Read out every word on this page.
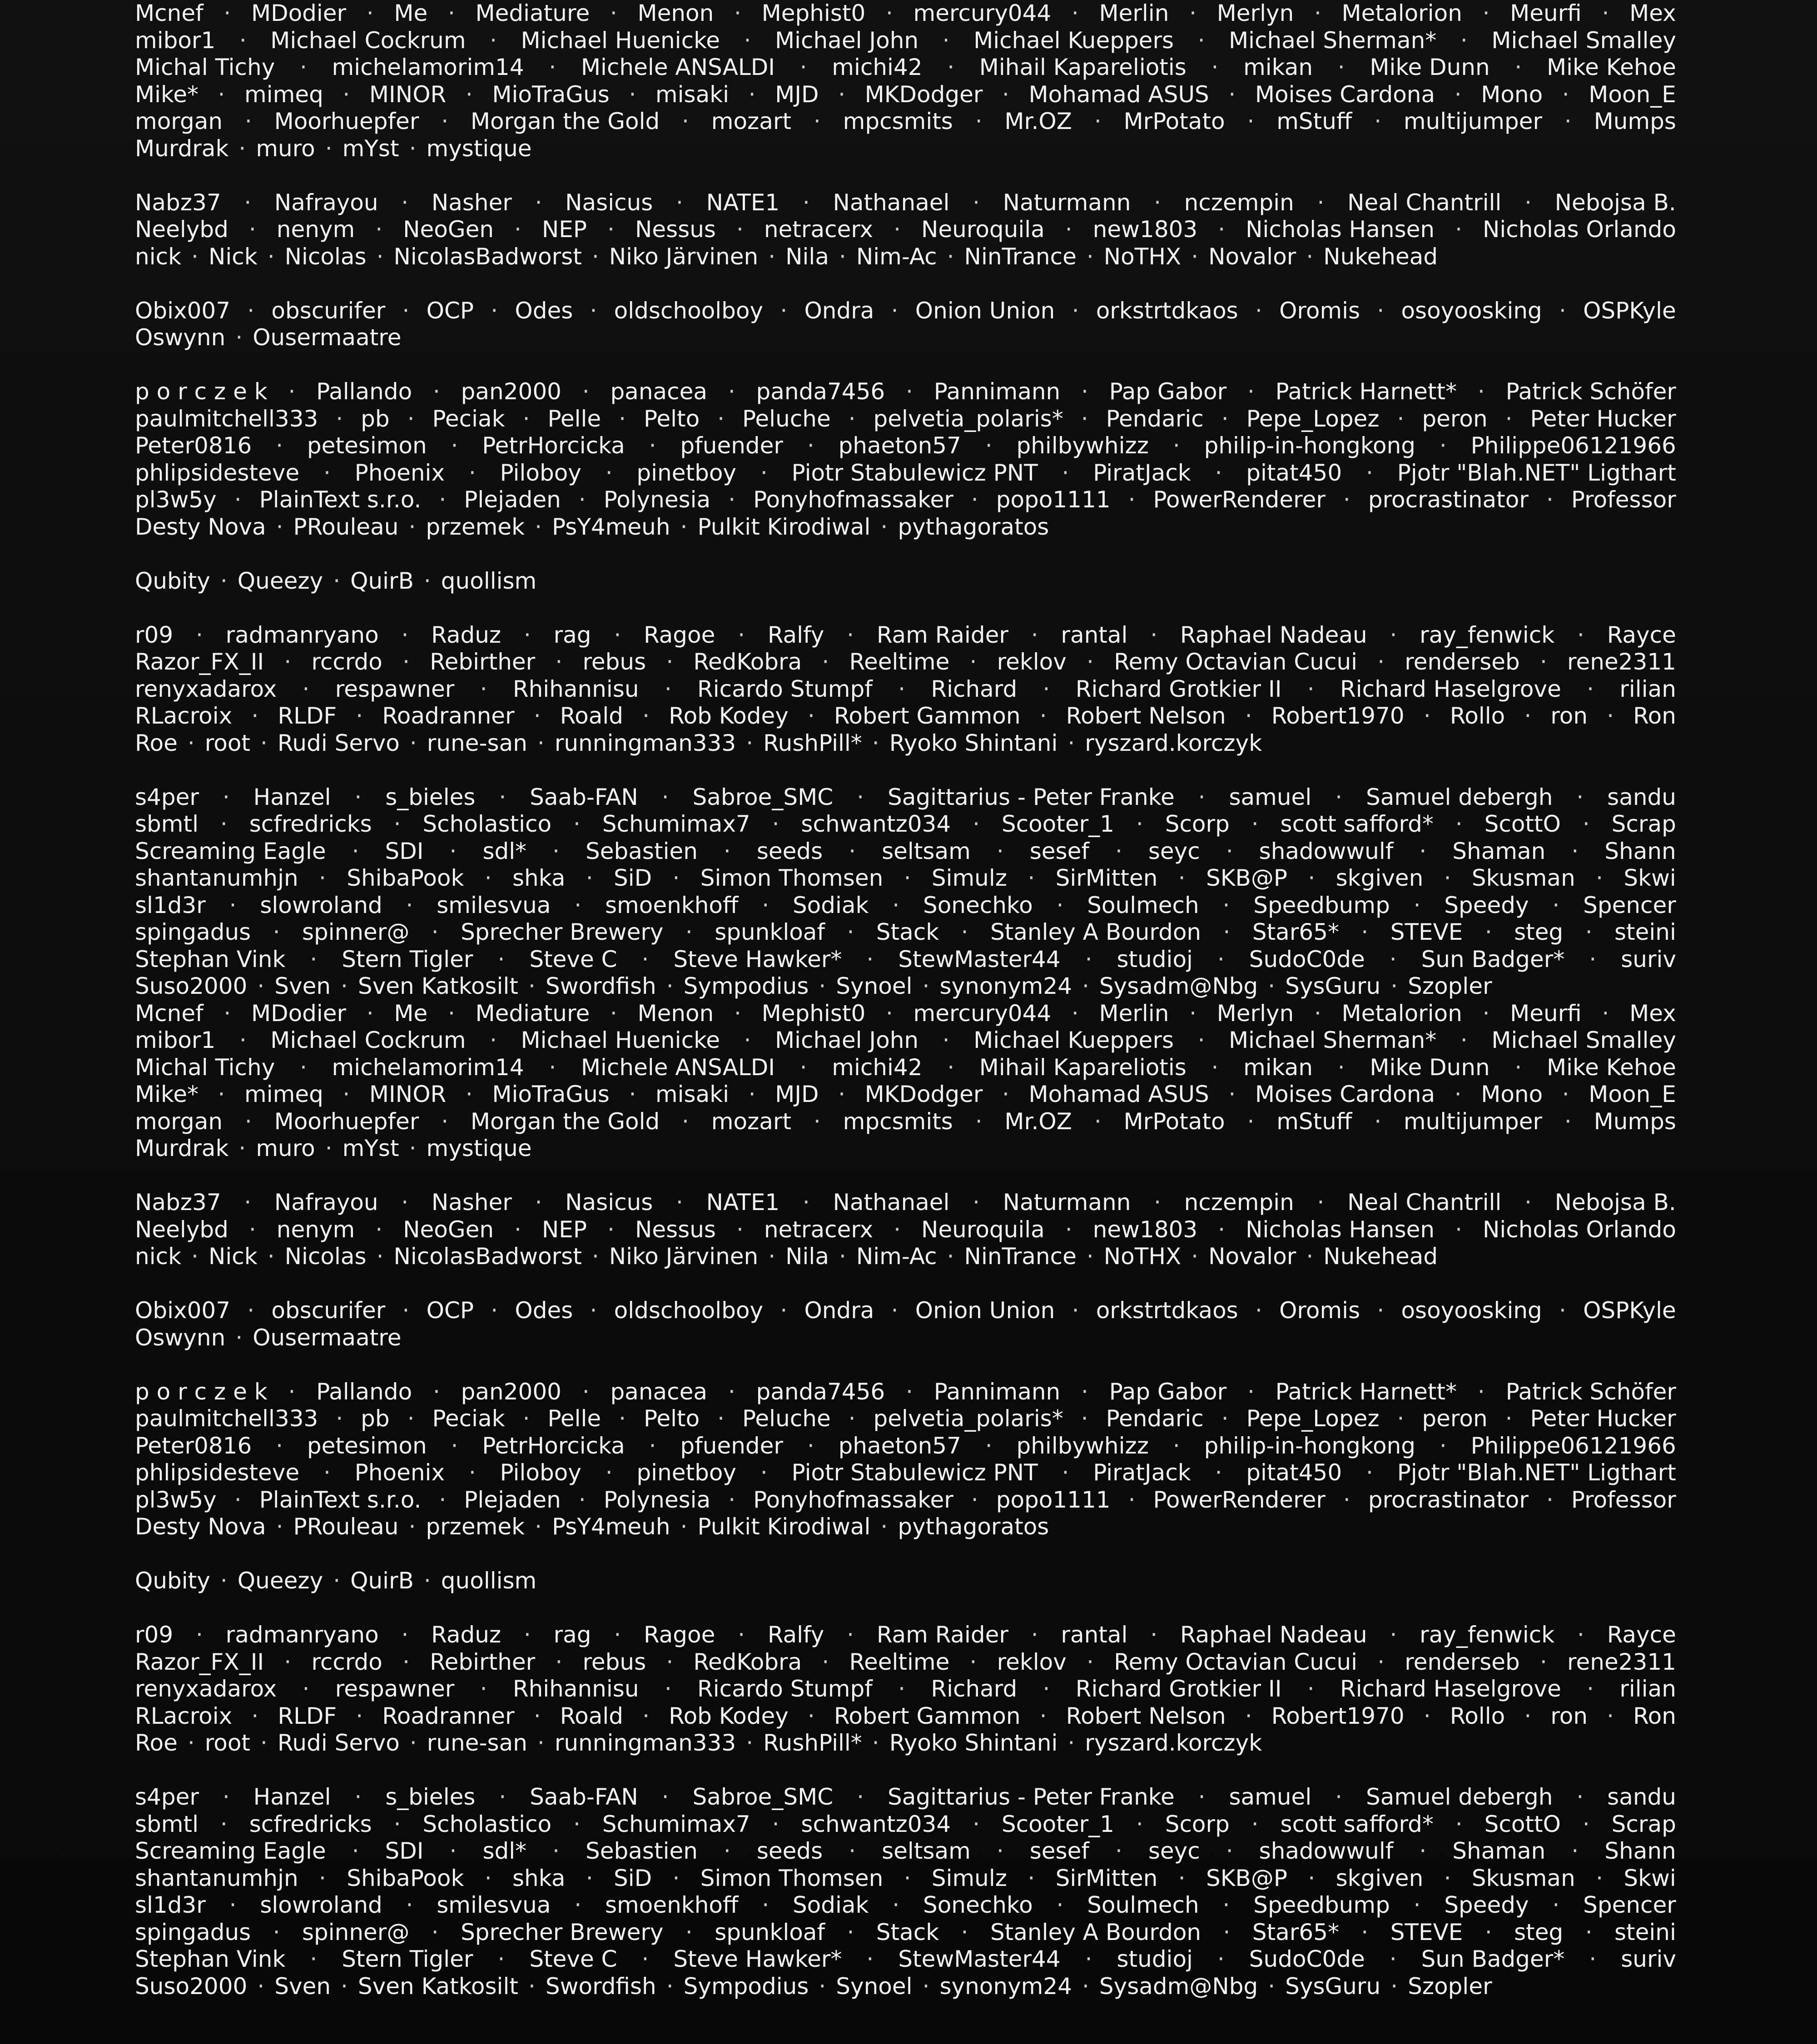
Mcnef · MDodier · Me · Mediature · Menon · Mephist0 · mercury044 · Merlin · Merlyn · Metalorion · Meurfi · Mex
mibor1 · Michael Cockrum · Michael Huenicke · Michael John · Michael Kueppers · Michael Sherman* · Michael Smalley
Michal Tichy · michelamorim14 · Michele ANSALDI · michi42 · Mihail Kapareliotis · mikan · Mike Dunn · Mike Kehoe
Mike* · mimeq · MINOR · MioTraGus · misaki · MJD · MKDodger · Mohamad ASUS · Moises Cardona · Mono · Moon_E
morgan · Moorhuepfer · Morgan the Gold · mozart · mpcsmits · Mr.OZ · MrPotato · mStuff · multijumper · Mumps
Murdrak	· muro	· mYst	· mystique
Nabz37 · Nafrayou · Nasher · Nasicus · NATE1 · Nathanael · Naturmann · nczempin · Neal Chantrill · Nebojsa B.
Neelybd · nenym · NeoGen · NEP · Nessus · netracerx · Neuroquila · new1803 · Nicholas Hansen · Nicholas Orlando
nick	· Nick	· Nicolas	· NicolasBadworst	· Niko Järvinen	· Nila	· Nim-Ac	· NinTrance	· NoTHX	· Novalor	· Nukehead
Obix007 · obscurifer · OCP · Odes · oldschoolboy · Ondra · Onion Union · orkstrtdkaos · Oromis · osoyoosking · OSPKyle
Oswynn	· Ousermaatre
p o r c z e k · Pallando · pan2000 · panacea · panda7456 · Pannimann · Pap Gabor · Patrick Harnett* · Patrick Schöfer
paulmitchell333 · pb · Peciak · Pelle · Pelto · Peluche · pelvetia_polaris* · Pendaric · Pepe_Lopez · peron · Peter Hucker
Peter0816 · petesimon · PetrHorcicka · pfuender · phaeton57 · philbywhizz · philip-in-hongkong · Philippe06121966
phlipsidesteve · Phoenix · Piloboy · pinetboy · Piotr Stabulewicz PNT · PiratJack · pitat450 · Pjotr "Blah.NET" Ligthart
pl3w5y · PlainText s.r.o. · Plejaden · Polynesia · Ponyhofmassaker · popo1111 · PowerRenderer · procrastinator · Professor
Desty Nova	· PRouleau	· przemek	· PsY4meuh	· Pulkit Kirodiwal	· pythagoratos
Qubity	· Queezy	· QuirB	· quollism
r09 · radmanryano · Raduz · rag · Ragoe · Ralfy · Ram Raider · rantal · Raphael Nadeau · ray_fenwick · Rayce
Razor_FX_II · rccrdo · Rebirther · rebus · RedKobra · Reeltime · reklov · Remy Octavian Cucui · renderseb · rene2311
renyxadarox · respawner · Rhihannisu · Ricardo Stumpf · Richard · Richard Grotkier II · Richard Haselgrove · rilian
RLacroix · RLDF · Roadranner · Roald · Rob Kodey · Robert Gammon · Robert Nelson · Robert1970 · Rollo · ron · Ron
Roe	· root	· Rudi Servo	· rune-san	· runningman333	· RushPill*	· Ryoko Shintani	· ryszard.korczyk
s4per · Hanzel · s_bieles · Saab-FAN · Sabroe_SMC · Sagittarius - Peter Franke · samuel · Samuel debergh · sandu
sbmtl · scfredricks · Scholastico · Schumimax7 · schwantz034 · Scooter_1 · Scorp · scott safford* · ScottO · Scrap
Screaming Eagle · SDI · sdl* · Sebastien · seeds · seltsam · sesef · seyc · shadowwulf · Shaman · Shann
shantanumhjn · ShibaPook · shka · SiD · Simon Thomsen · Simulz · SirMitten · SKB@P · skgiven · Skusman · Skwi
sl1d3r · slowroland · smilesvua · smoenkhoff · Sodiak · Sonechko · Soulmech · Speedbump · Speedy · Spencer
spingadus · spinner@ · Sprecher Brewery · spunkloaf · Stack · Stanley A Bourdon · Star65* · STEVE · steg · steini
Stephan Vink · Stern Tigler · Steve C · Steve Hawker* · StewMaster44 · studioj · SudoC0de · Sun Badger* · suriv
Suso2000	· Sven	· Sven Katkosilt	· Swordfish	· Sympodius	· Synoel	· synonym24	· Sysadm@Nbg	· SysGuru	· Szopler
Mcnef · MDodier · Me · Mediature · Menon · Mephist0 · mercury044 · Merlin · Merlyn · Metalorion · Meurfi · Mex
mibor1 · Michael Cockrum · Michael Huenicke · Michael John · Michael Kueppers · Michael Sherman* · Michael Smalley
Michal Tichy · michelamorim14 · Michele ANSALDI · michi42 · Mihail Kapareliotis · mikan · Mike Dunn · Mike Kehoe
Mike* · mimeq · MINOR · MioTraGus · misaki · MJD · MKDodger · Mohamad ASUS · Moises Cardona · Mono · Moon_E
morgan · Moorhuepfer · Morgan the Gold · mozart · mpcsmits · Mr.OZ · MrPotato · mStuff · multijumper · Mumps
Murdrak	· muro	· mYst	· mystique
Nabz37 · Nafrayou · Nasher · Nasicus · NATE1 · Nathanael · Naturmann · nczempin · Neal Chantrill · Nebojsa B.
Neelybd · nenym · NeoGen · NEP · Nessus · netracerx · Neuroquila · new1803 · Nicholas Hansen · Nicholas Orlando
nick	· Nick	· Nicolas	· NicolasBadworst	· Niko Järvinen	· Nila	· Nim-Ac	· NinTrance	· NoTHX	· Novalor	· Nukehead
Obix007 · obscurifer · OCP · Odes · oldschoolboy · Ondra · Onion Union · orkstrtdkaos · Oromis · osoyoosking · OSPKyle
Oswynn	· Ousermaatre
p o r c z e k · Pallando · pan2000 · panacea · panda7456 · Pannimann · Pap Gabor · Patrick Harnett* · Patrick Schöfer
paulmitchell333 · pb · Peciak · Pelle · Pelto · Peluche · pelvetia_polaris* · Pendaric · Pepe_Lopez · peron · Peter Hucker
Peter0816 · petesimon · PetrHorcicka · pfuender · phaeton57 · philbywhizz · philip-in-hongkong · Philippe06121966
phlipsidesteve · Phoenix · Piloboy · pinetboy · Piotr Stabulewicz PNT · PiratJack · pitat450 · Pjotr "Blah.NET" Ligthart
pl3w5y · PlainText s.r.o. · Plejaden · Polynesia · Ponyhofmassaker · popo1111 · PowerRenderer · procrastinator · Professor
Desty Nova	· PRouleau	· przemek	· PsY4meuh	· Pulkit Kirodiwal	· pythagoratos
Qubity	· Queezy	· QuirB	· quollism
r09 · radmanryano · Raduz · rag · Ragoe · Ralfy · Ram Raider · rantal · Raphael Nadeau · ray_fenwick · Rayce
Razor_FX_II · rccrdo · Rebirther · rebus · RedKobra · Reeltime · reklov · Remy Octavian Cucui · renderseb · rene2311
renyxadarox · respawner · Rhihannisu · Ricardo Stumpf · Richard · Richard Grotkier II · Richard Haselgrove · rilian
RLacroix · RLDF · Roadranner · Roald · Rob Kodey · Robert Gammon · Robert Nelson · Robert1970 · Rollo · ron · Ron
Roe	· root	· Rudi Servo	· rune-san	· runningman333	· RushPill*	· Ryoko Shintani	· ryszard.korczyk
s4per · Hanzel · s_bieles · Saab-FAN · Sabroe_SMC · Sagittarius - Peter Franke · samuel · Samuel debergh · sandu
sbmtl · scfredricks · Scholastico · Schumimax7 · schwantz034 · Scooter_1 · Scorp · scott safford* · ScottO · Scrap
Screaming Eagle · SDI · sdl* · Sebastien · seeds · seltsam · sesef · seyc · shadowwulf · Shaman · Shann
shantanumhjn · ShibaPook · shka · SiD · Simon Thomsen · Simulz · SirMitten · SKB@P · skgiven · Skusman · Skwi
sl1d3r · slowroland · smilesvua · smoenkhoff · Sodiak · Sonechko · Soulmech · Speedbump · Speedy · Spencer
spingadus · spinner@ · Sprecher Brewery · spunkloaf · Stack · Stanley A Bourdon · Star65* · STEVE · steg · steini
Stephan Vink · Stern Tigler · Steve C · Steve Hawker* · StewMaster44 · studioj · SudoC0de · Sun Badger* · suriv
Suso2000	· Sven	· Sven Katkosilt	· Swordfish	· Sympodius	· Synoel	· synonym24	· Sysadm@Nbg	· SysGuru	· Szopler
